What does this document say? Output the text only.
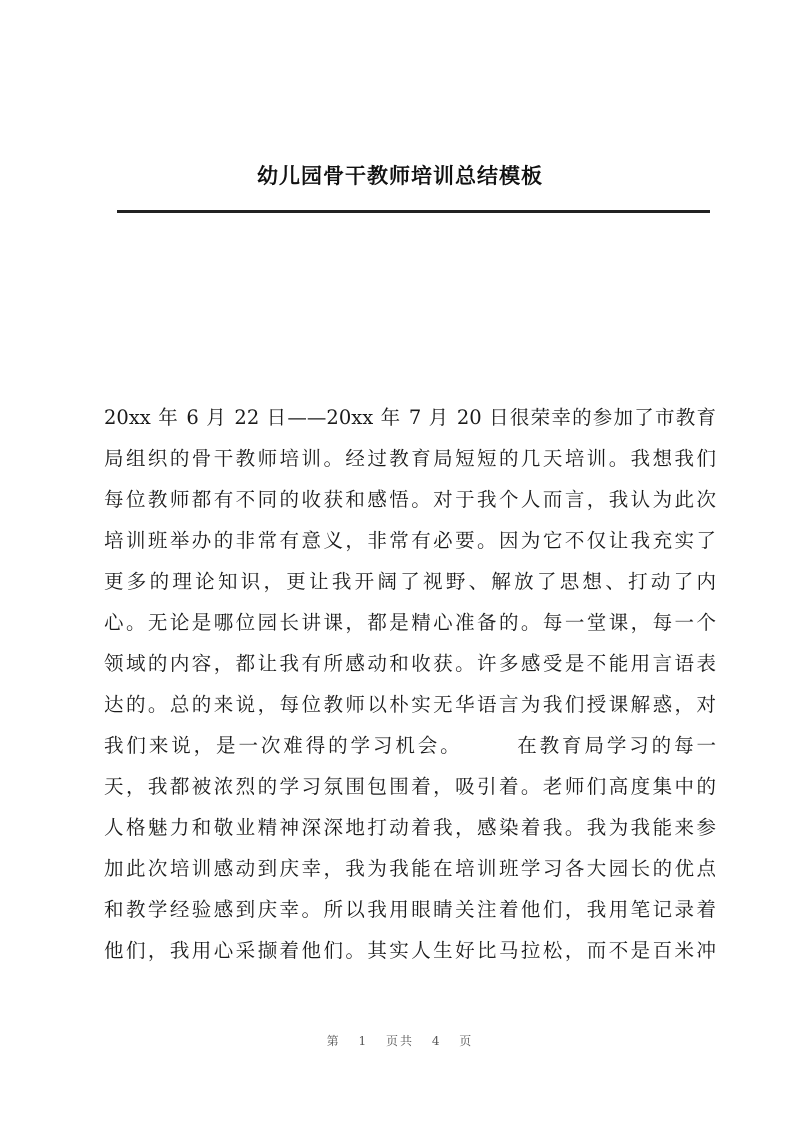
幼儿园骨干教师培训总结模板
20xx 年 6 月 22 日——20xx 年 7 月 20 日很荣幸的参加了市教育
局组织的骨干教师培训。经过教育局短短的几天培训。我想我们
每位教师都有不同的收获和感悟。对于我个人而言，我认为此次
培训班举办的非常有意义，非常有必要。因为它不仅让我充实了
更多的理论知识，更让我开阔了视野、解放了思想、打动了内
心。无论是哪位园长讲课，都是精心准备的。每一堂课，每一个
领域的内容，都让我有所感动和收获。许多感受是不能用言语表
达的。总的来说，每位教师以朴实无华语言为我们授课解惑，对
我们来说，是一次难得的学习机会。      在教育局学习的每一
天，我都被浓烈的学习氛围包围着，吸引着。老师们高度集中的
人格魅力和敬业精神深深地打动着我，感染着我。我为我能来参
加此次培训感动到庆幸，我为我能在培训班学习各大园长的优点
和教学经验感到庆幸。所以我用眼睛关注着他们，我用笔记录着
他们，我用心采撷着他们。其实人生好比马拉松，而不是百米冲
第 1 页共 4 页
